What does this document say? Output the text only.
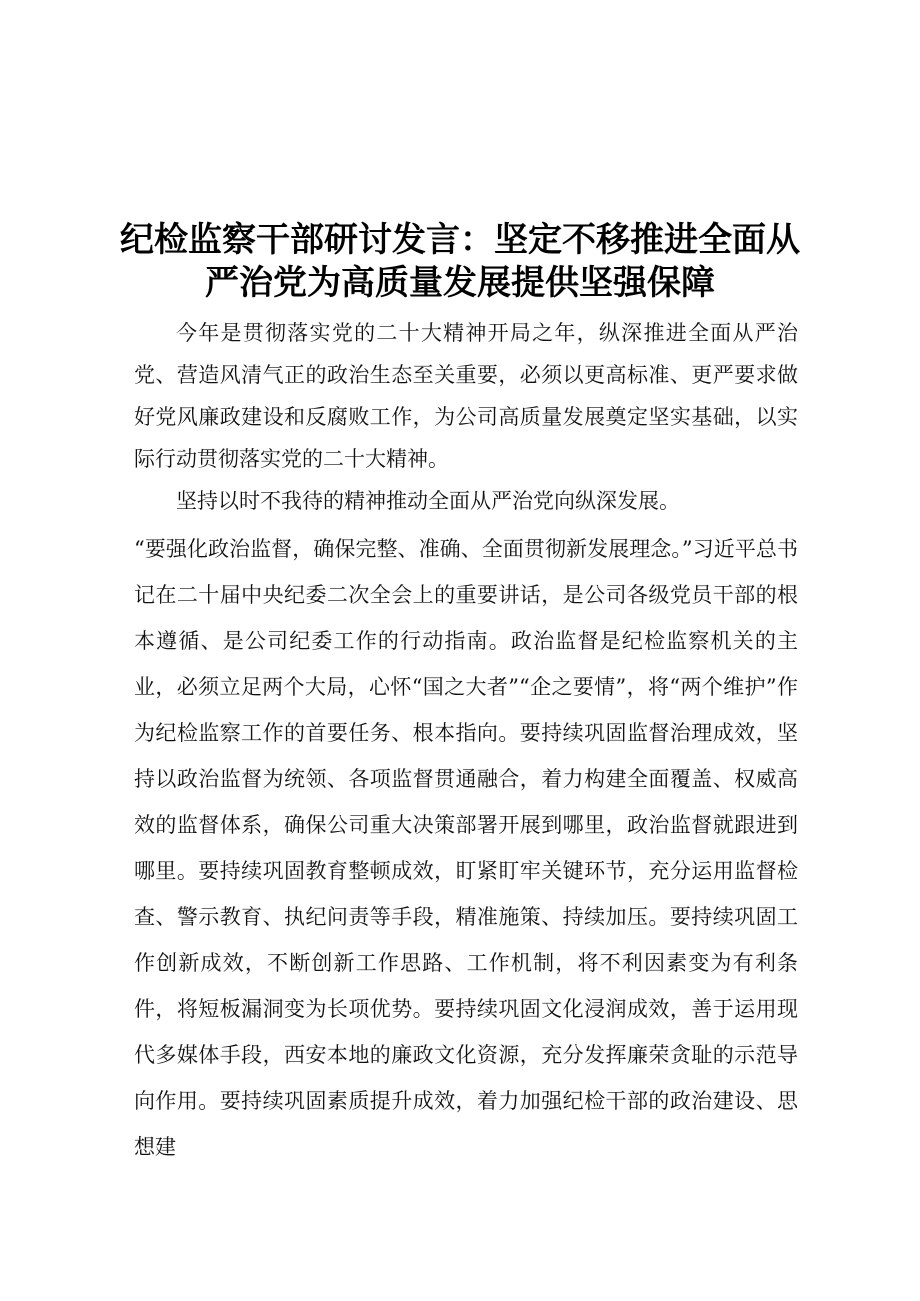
纪检监察干部研讨发言：坚定不移推进全面从
严治党为高质量发展提供坚强保障

今年是贯彻落实党的二十大精神开局之年，纵深推进全面从严治党、营造风清气正的政治生态至关重要，必须以更高标准、更严要求做好党风廉政建设和反腐败工作，为公司高质量发展奠定坚实基础，以实际行动贯彻落实党的二十大精神。

坚持以时不我待的精神推动全面从严治党向纵深发展。

“要强化政治监督，确保完整、准确、全面贯彻新发展理念。”习近平总书记在二十届中央纪委二次全会上的重要讲话，是公司各级党员干部的根本遵循、是公司纪委工作的行动指南。政治监督是纪检监察机关的主业，必须立足两个大局，心怀“国之大者”“企之要情”，将“两个维护”作为纪检监察工作的首要任务、根本指向。要持续巩固监督治理成效，坚持以政治监督为统领、各项监督贯通融合，着力构建全面覆盖、权威高效的监督体系，确保公司重大决策部署开展到哪里，政治监督就跟进到哪里。要持续巩固教育整顿成效，盯紧盯牢关键环节，充分运用监督检查、警示教育、执纪问责等手段，精准施策、持续加压。要持续巩固工作创新成效，不断创新工作思路、工作机制，将不利因素变为有利条件，将短板漏洞变为长项优势。要持续巩固文化浸润成效，善于运用现代多媒体手段，西安本地的廉政文化资源，充分发挥廉荣贪耻的示范导向作用。要持续巩固素质提升成效，着力加强纪检干部的政治建设、思想建
